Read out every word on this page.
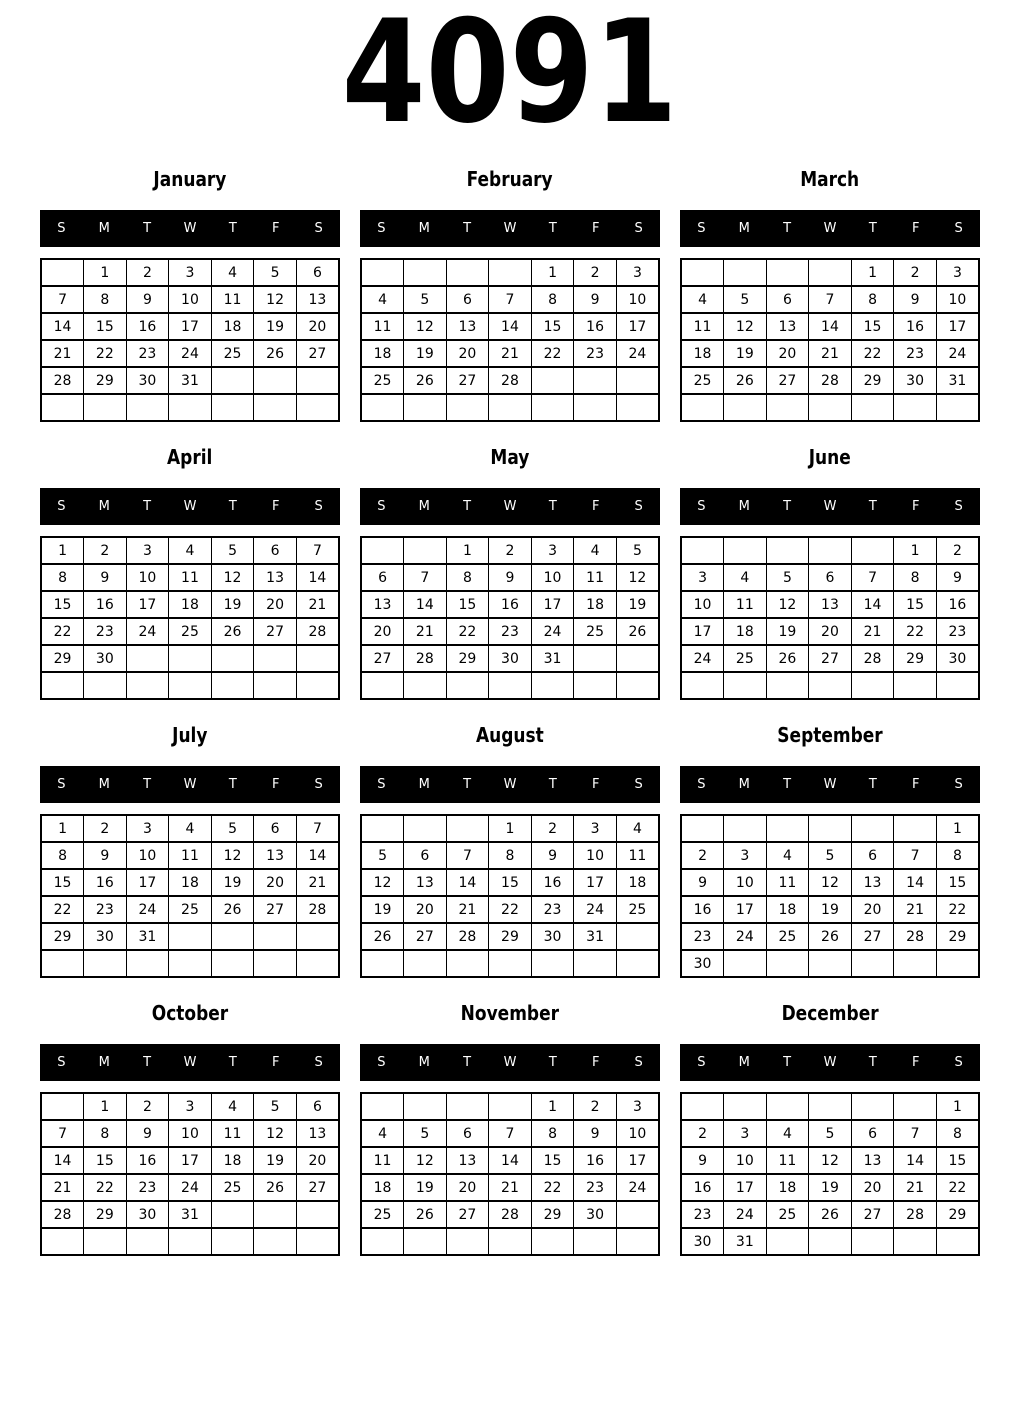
4091
January
S	M	T	W	T	F	S
	1	2	3	4	5	6
7	8	9	10	11	12	13
14	15	16	17	18	19	20
21	22	23	24	25	26	27
28	29	30	31			

February
S	M	T	W	T	F	S
				1	2	3
4	5	6	7	8	9	10
11	12	13	14	15	16	17
18	19	20	21	22	23	24
25	26	27	28			

March
S	M	T	W	T	F	S
				1	2	3
4	5	6	7	8	9	10
11	12	13	14	15	16	17
18	19	20	21	22	23	24
25	26	27	28	29	30	31

April
S	M	T	W	T	F	S
1	2	3	4	5	6	7
8	9	10	11	12	13	14
15	16	17	18	19	20	21
22	23	24	25	26	27	28
29	30					

May
S	M	T	W	T	F	S
		1	2	3	4	5
6	7	8	9	10	11	12
13	14	15	16	17	18	19
20	21	22	23	24	25	26
27	28	29	30	31		

June
S	M	T	W	T	F	S
					1	2
3	4	5	6	7	8	9
10	11	12	13	14	15	16
17	18	19	20	21	22	23
24	25	26	27	28	29	30

July
S	M	T	W	T	F	S
1	2	3	4	5	6	7
8	9	10	11	12	13	14
15	16	17	18	19	20	21
22	23	24	25	26	27	28
29	30	31				

August
S	M	T	W	T	F	S
			1	2	3	4
5	6	7	8	9	10	11
12	13	14	15	16	17	18
19	20	21	22	23	24	25
26	27	28	29	30	31	

September
S	M	T	W	T	F	S
						1
2	3	4	5	6	7	8
9	10	11	12	13	14	15
16	17	18	19	20	21	22
23	24	25	26	27	28	29
30						
October
S	M	T	W	T	F	S
	1	2	3	4	5	6
7	8	9	10	11	12	13
14	15	16	17	18	19	20
21	22	23	24	25	26	27
28	29	30	31			

November
S	M	T	W	T	F	S
				1	2	3
4	5	6	7	8	9	10
11	12	13	14	15	16	17
18	19	20	21	22	23	24
25	26	27	28	29	30	

December
S	M	T	W	T	F	S
						1
2	3	4	5	6	7	8
9	10	11	12	13	14	15
16	17	18	19	20	21	22
23	24	25	26	27	28	29
30	31					
